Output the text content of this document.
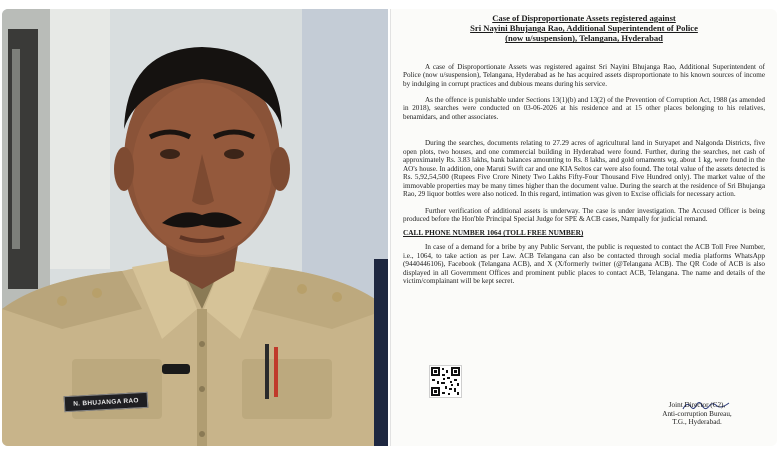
N. BHUJANGA RAO
Case of Disproportionate Assets registered against
Sri Nayini Bhujanga Rao, Additional Superintendent of Police
(now u/suspension), Telangana, Hyderabad

A case of Disproportionate Assets was registered against Sri Nayini Bhujanga Rao, Additional Superintendent of Police (now u/suspension), Telangana, Hyderabad as he has acquired assets disproportionate to his known sources of income by indulging in corrupt practices and dubious means during his service.

As the offence is punishable under Sections 13(1)(b) and 13(2) of the Prevention of Corruption Act, 1988 (as amended in 2018), searches were conducted on 03-06-2026 at his residence and at 15 other places belonging to his relatives, benamidars, and other associates.

During the searches, documents relating to 27.29 acres of agricultural land in Suryapet and Nalgonda Districts, five open plots, two houses, and one commercial building in Hyderabad were found. Further, during the searches, net cash of approximately Rs. 3.83 lakhs, bank balances amounting to Rs. 8 lakhs, and gold ornaments wg. about 1 kg, were found in the AO's house. In addition, one Maruti Swift car and one KIA Seltos car were also found. The total value of the assets detected is Rs. 5,92,54,500 (Rupees Five Crore Ninety Two Lakhs Fifty-Four Thousand Five Hundred only). The market value of the immovable properties may be many times higher than the document value. During the search at the residence of Sri Bhujanga Rao, 29 liquor bottles were also noticed. In this regard, intimation was given to Excise officials for necessary action.

Further verification of additional assets is underway. The case is under investigation. The Accused Officer is being produced before the Hon'ble Principal Special Judge for SPE & ACB cases, Nampally for judicial remand.

CALL PHONE NUMBER 1064 (TOLL FREE NUMBER)

In case of a demand for a bribe by any Public Servant, the public is requested to contact the ACB Toll Free Number, i.e., 1064, to take action as per Law. ACB Telangana can also be contacted through social media platforms WhatsApp (9440446106), Facebook (Telangana ACB), and X (X/formerly twitter (@Telangana ACB). The QR Code of ACB is also displayed in all Government Offices and prominent public places to contact ACB, Telangana. The name and details of the victim/complainant will be kept secret.

Joint Director (C2),
Anti-corruption Bureau,
T.G., Hyderabad.
